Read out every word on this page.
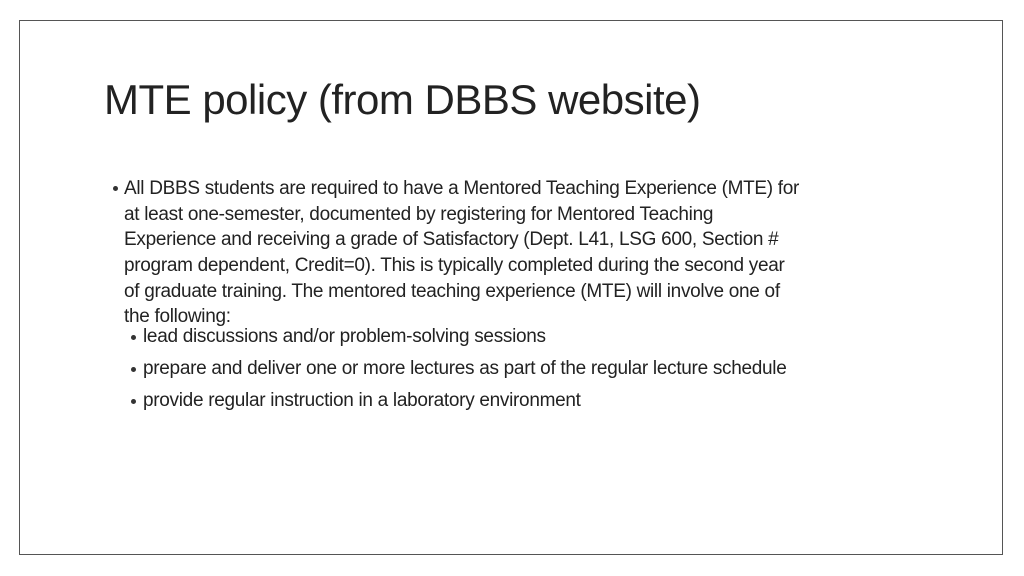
MTE policy (from DBBS website)
All DBBS students are required to have a Mentored Teaching Experience (MTE) for
at least one-semester, documented by registering for Mentored Teaching
Experience and receiving a grade of Satisfactory (Dept. L41, LSG 600, Section #
program dependent, Credit=0). This is typically completed during the second year
of graduate training. The mentored teaching experience (MTE) will involve one of
the following:
lead discussions and/or problem-solving sessions
prepare and deliver one or more lectures as part of the regular lecture schedule
provide regular instruction in a laboratory environment
